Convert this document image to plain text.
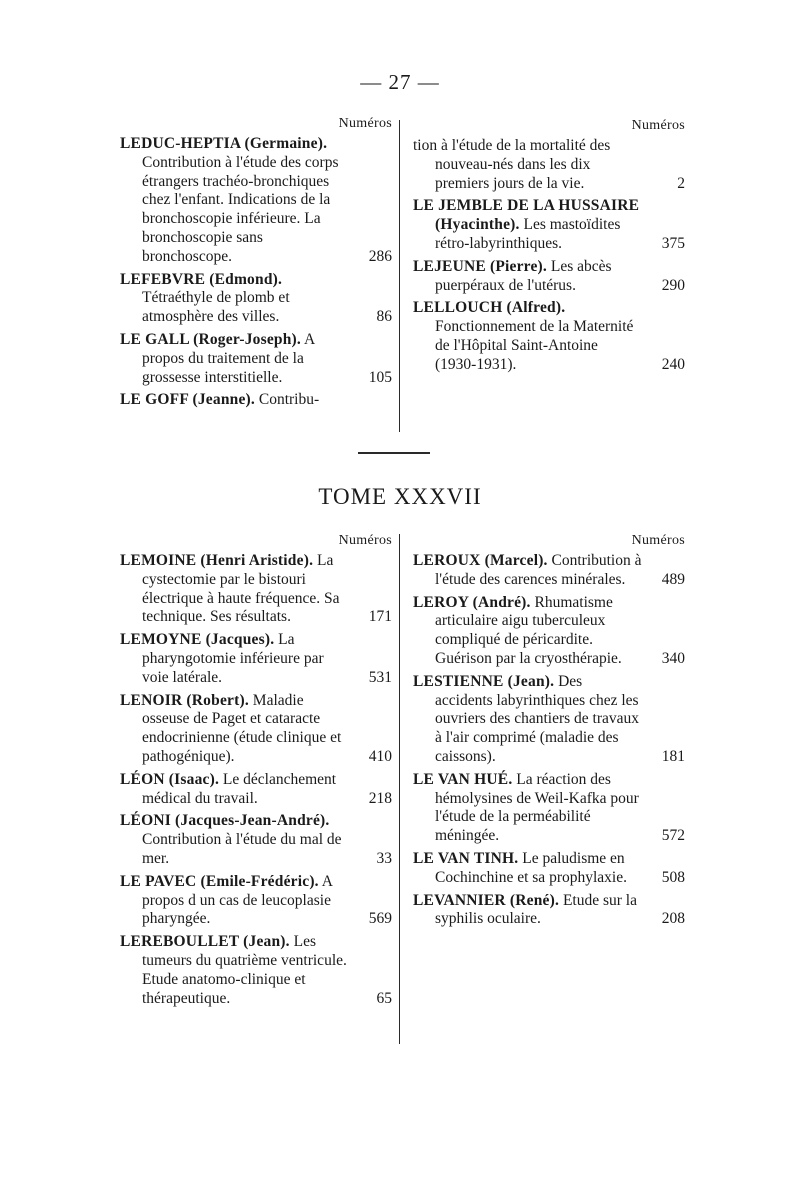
— 27 —
Numéros
LEDUC-HEPTIA (Germaine). Contribution à l'étude des corps étrangers trachéo-bronchiques chez l'enfant. Indications de la bronchoscopie inférieure. La bronchoscopie sans bronchoscope.	286
LEFEBVRE (Edmond). Tétraéthyle de plomb et atmosphère des villes.	86
LE GALL (Roger-Joseph). A propos du traitement de la grossesse interstitielle.	105
LE GOFF (Jeanne). Contribu-
Numéros
tion à l'étude de la mortalité des nouveau-nés dans les dix premiers jours de la vie.	2
LE JEMBLE DE LA HUSSAIRE (Hyacinthe). Les mastoïdites rétro-labyrinthiques.	375
LEJEUNE (Pierre). Les abcès puerpéraux de l'utérus.	290
LELLOUCH (Alfred). Fonctionnement de la Maternité de l'Hôpital Saint-Antoine (1930-1931).	240
TOME XXXVII
Numéros
LEMOINE (Henri Aristide). La cystectomie par le bistouri électrique à haute fréquence. Sa technique. Ses résultats.	171
LEMOYNE (Jacques). La pharyngotomie inférieure par voie latérale.	531
LENOIR (Robert). Maladie osseuse de Paget et cataracte endocrinienne (étude clinique et pathogénique).	410
LÉON (Isaac). Le déclanchement médical du travail.	218
LÉONI (Jacques-Jean-André). Contribution à l'étude du mal de mer.	33
LE PAVEC (Emile-Frédéric). A propos d un cas de leucoplasie pharyngée.	569
LEREBOULLET (Jean). Les tumeurs du quatrième ventricule. Etude anatomo-clinique et thérapeutique.	65
Numéros
LEROUX (Marcel). Contribution à l'étude des carences minérales. 489
LEROY (André). Rhumatisme articulaire aigu tuberculeux compliqué de péricardite. Guérison par la cryosthérapie.	340
LESTIENNE (Jean). Des accidents labyrinthiques chez les ouvriers des chantiers de travaux à l'air comprimé (maladie des caissons).	181
LE VAN HUÉ. La réaction des hémolysines de Weil-Kafka pour l'étude de la perméabilité méningée.	572
LE VAN TINH. Le paludisme en Cochinchine et sa prophylaxie. 508
LEVANNIER (René). Etude sur la syphilis oculaire.	208
